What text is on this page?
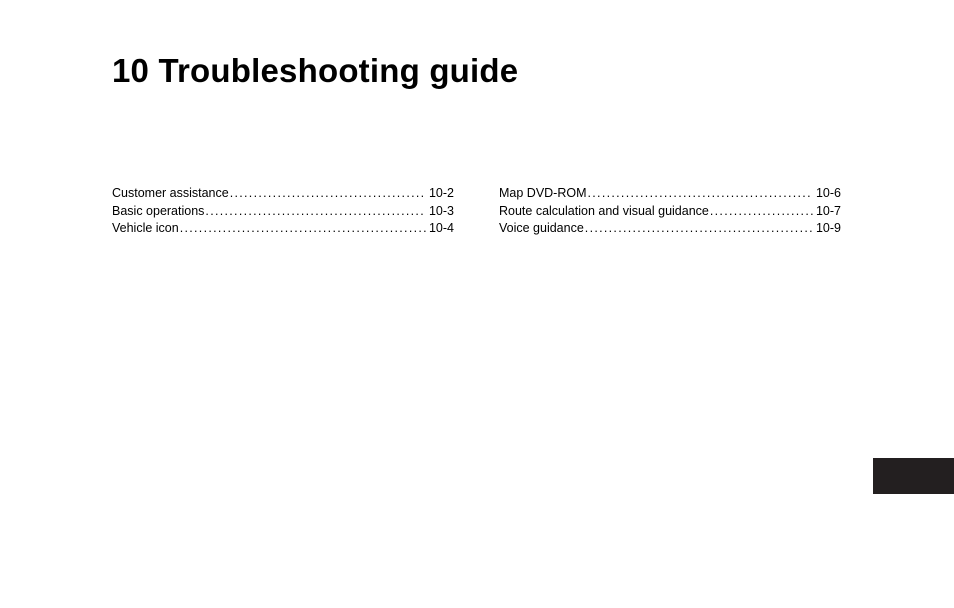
10 Troubleshooting guide
Customer assistance .....	10-2
Basic operations .....	10-3
Vehicle icon .....	10-4
Map DVD-ROM .....	10-6
Route calculation and visual guidance .....	10-7
Voice guidance .....	10-9
